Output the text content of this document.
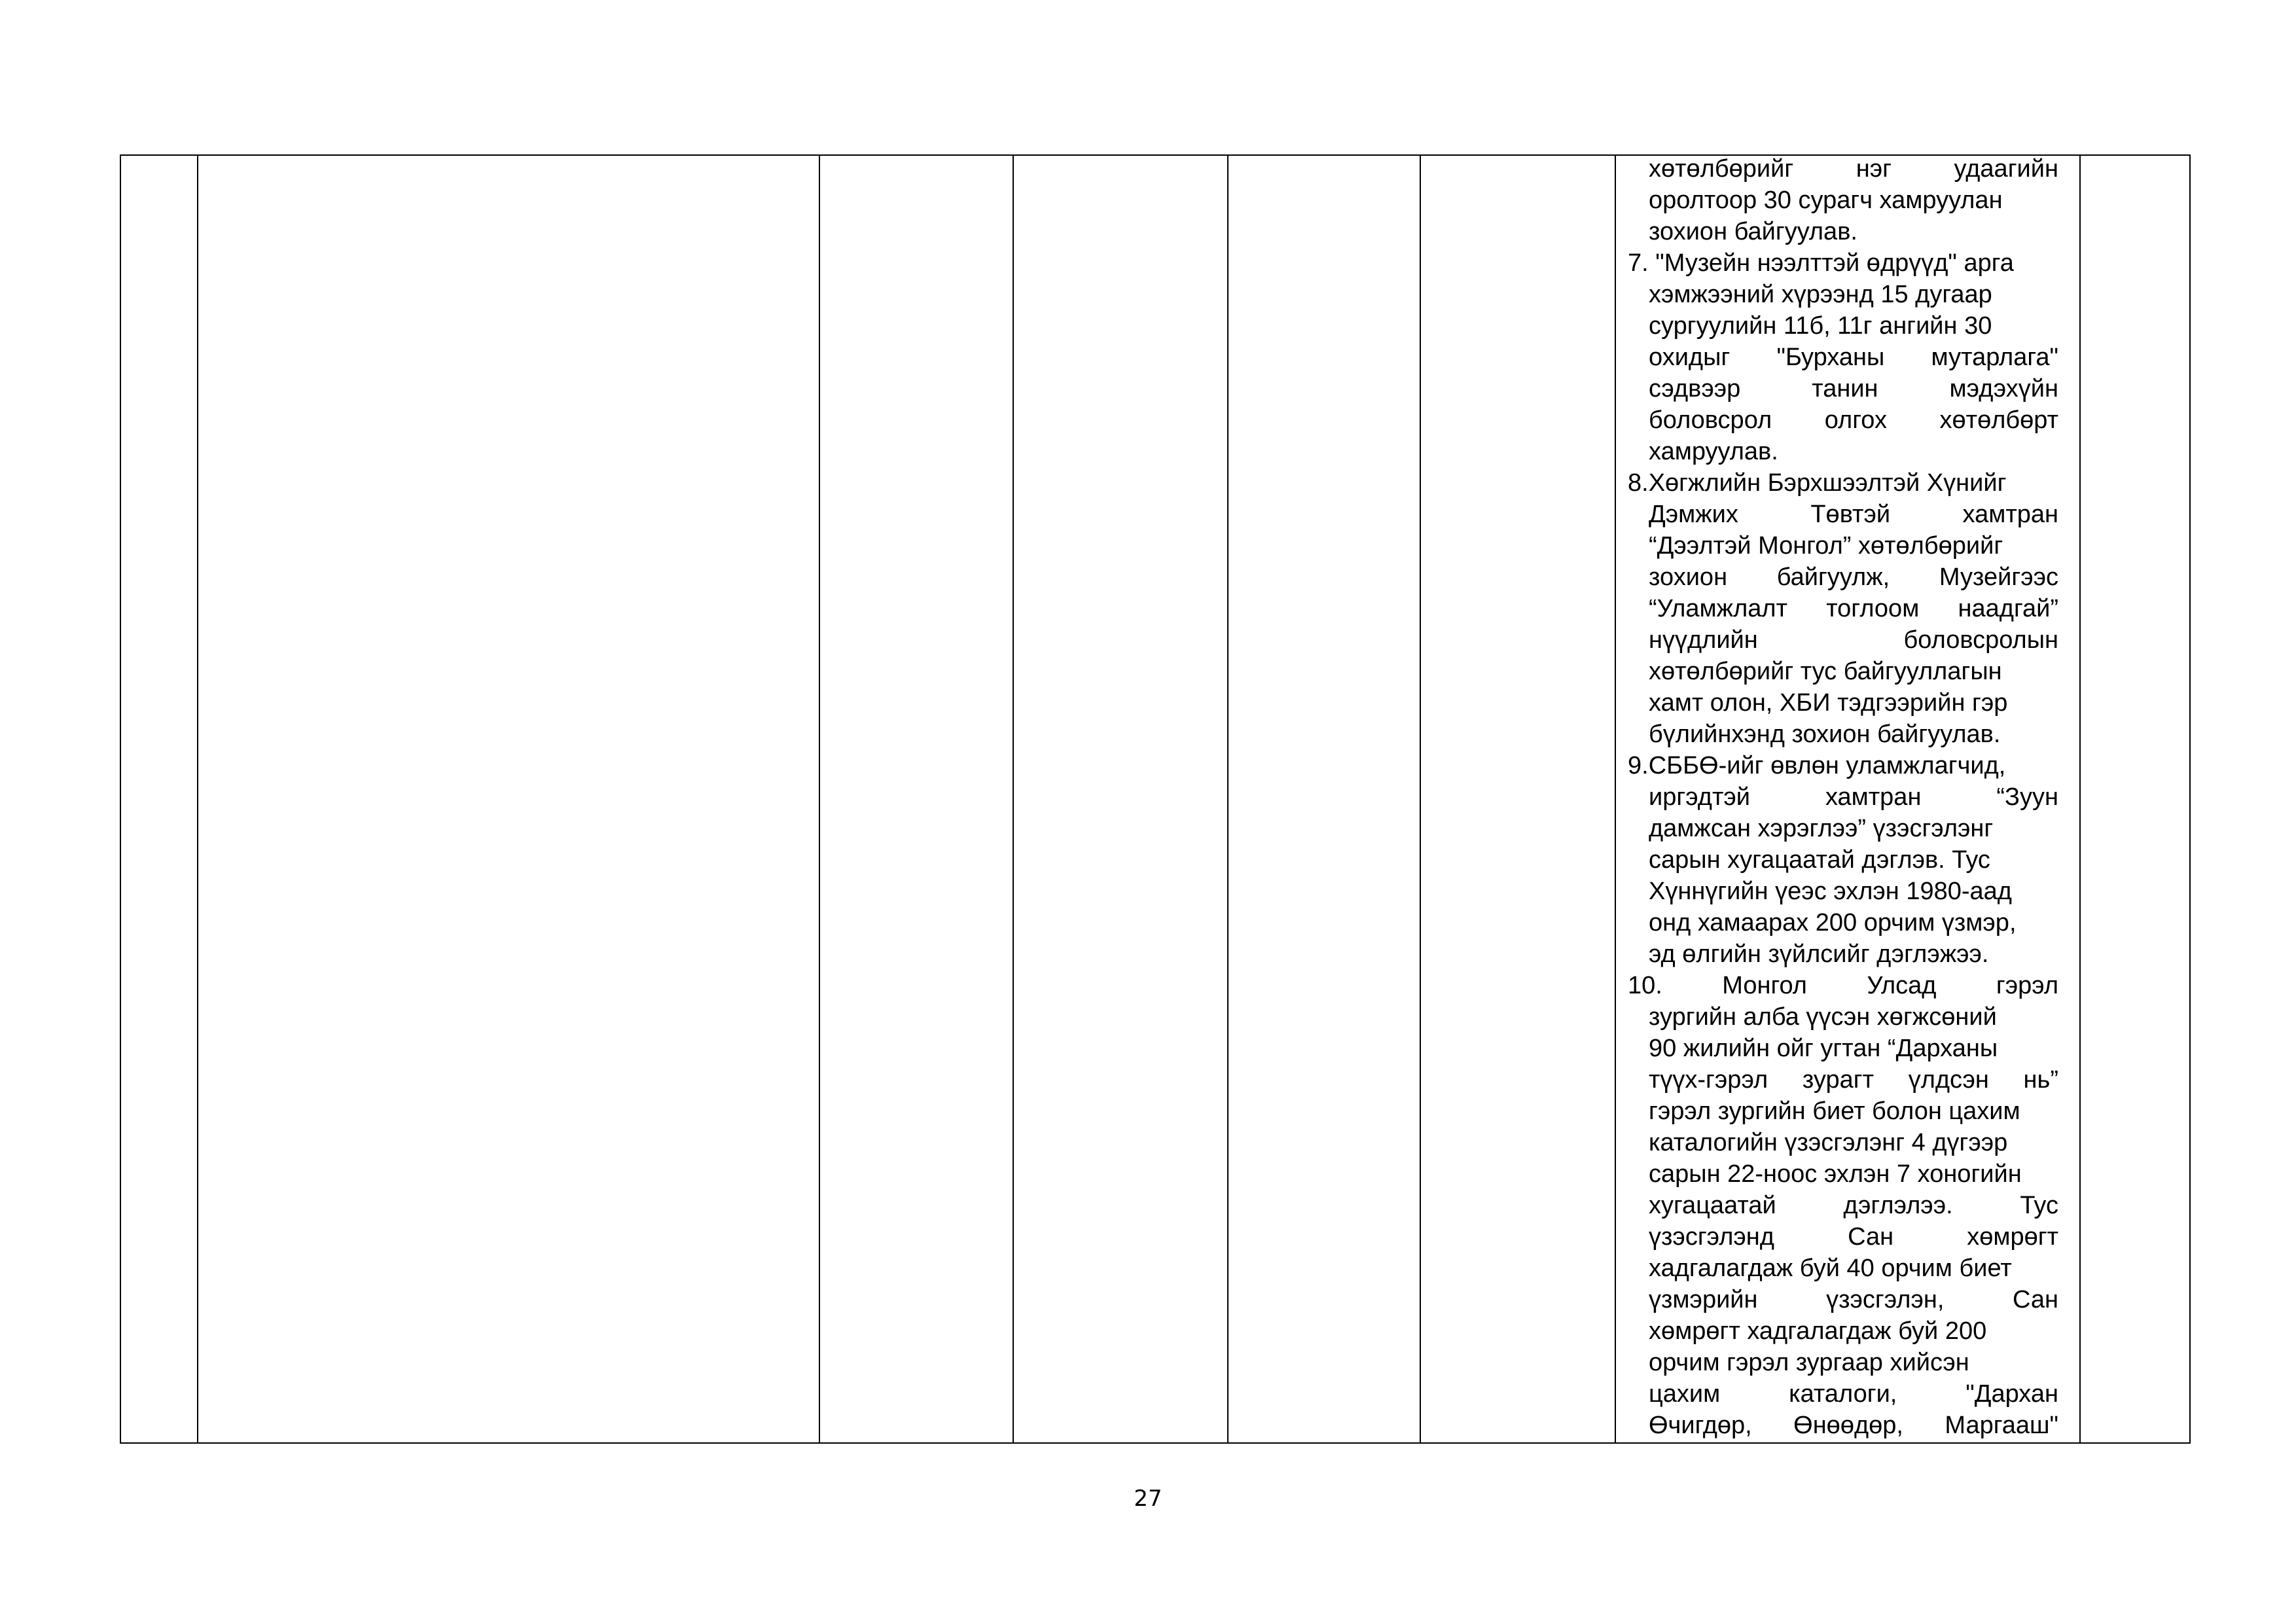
хөтөлбөрийг	нэг	удаагийн
оролтоор 30 сурагч хамруулан
зохион байгуулав.

7. "Музейн нээлттэй өдрүүд" арга
хэмжээний хүрээнд 15 дугаар
сургуулийн 11б, 11г ангийн 30
охидыг "Бурханы мутарлага"
сэдвээр	танин	мэдэхүйн
боловсрол олгох хөтөлбөрт
хамруулав.

8.Хөгжлийн Бэрхшээлтэй Хүнийг
Дэмжих	Төвтэй	хамтран
“Дээлтэй Монгол” хөтөлбөрийг
зохион байгуулж, Музейгээс
“Уламжлалт тоглоом наадгай”
нүүдлийн	боловсролын
хөтөлбөрийг тус байгууллагын
хамт олон, ХБИ тэдгээрийн гэр
бүлийнхэнд зохион байгуулав.

9.СББӨ-ийг өвлөн уламжлагчид,
иргэдтэй	хамтран	“Зуун
дамжсан хэрэглээ” үзэсгэлэнг
сарын хугацаатай дэглэв. Тус
Хүннүгийн үеэс эхлэн 1980-аад
онд хамаарах 200 орчим үзмэр,
эд өлгийн зүйлсийг дэглэжээ.

10. Монгол Улсад гэрэл
зургийн алба үүсэн хөгжсөний
90 жилийн ойг угтан “Дарханы
түүх-гэрэл зурагт үлдсэн нь”
гэрэл зургийн биет болон цахим
каталогийн үзэсгэлэнг 4 дүгээр
сарын 22-ноос эхлэн 7 хоногийн
хугацаатай	дэглэлээ.	Тус
үзэсгэлэнд	Сан	хөмрөгт
хадгалагдаж буй 40 орчим биет
үзмэрийн	үзэсгэлэн,	Сан
хөмрөгт хадгалагдаж буй 200
орчим гэрэл зургаар хийсэн
цахим	каталоги,	"Дархан
Өчигдөр, Өнөөдөр, Маргааш"

27
